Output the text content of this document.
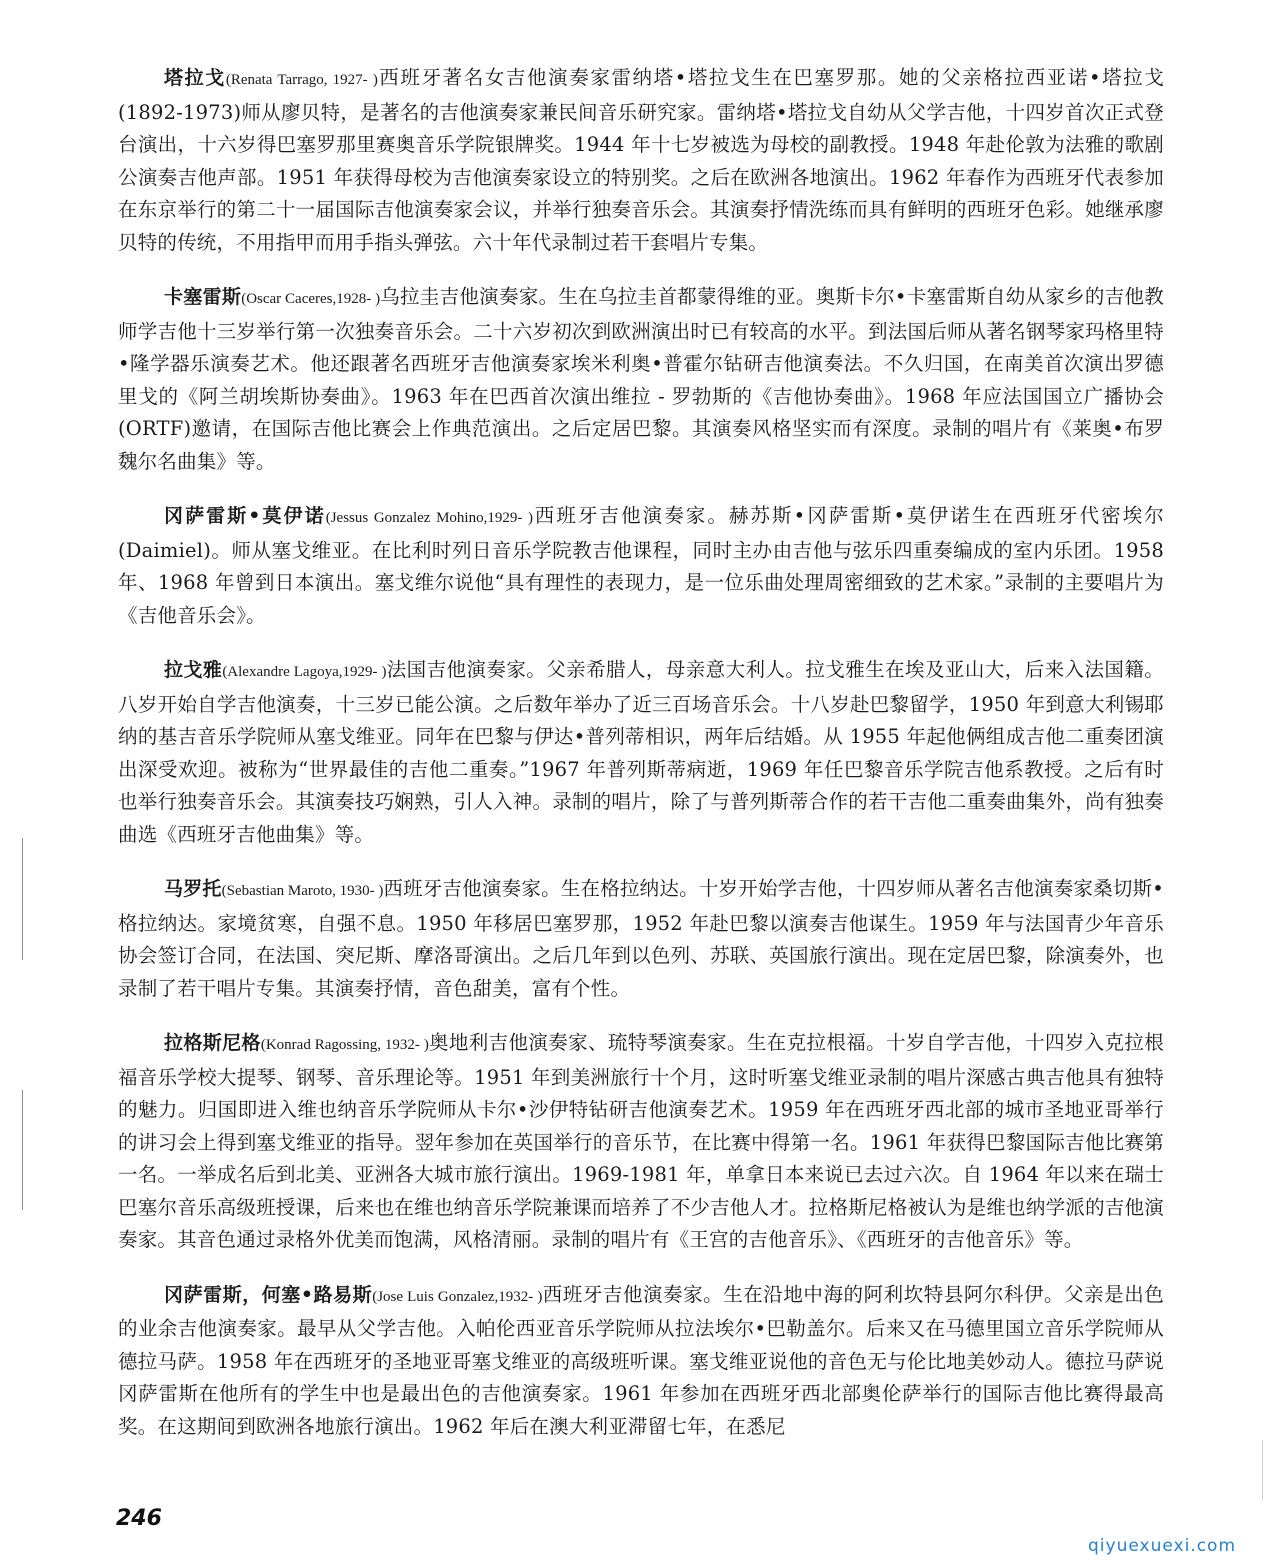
塔拉戈(Renata Tarrago, 1927- )西班牙著名女吉他演奏家雷纳塔•塔拉戈生在巴塞罗那。她的父亲格拉西亚诺•塔拉戈(1892-1973)师从廖贝特，是著名的吉他演奏家兼民间音乐研究家。雷纳塔•塔拉戈自幼从父学吉他，十四岁首次正式登台演出，十六岁得巴塞罗那里赛奥音乐学院银牌奖。1944 年十七岁被选为母校的副教授。1948 年赴伦敦为法雅的歌剧公演奏吉他声部。1951 年获得母校为吉他演奏家设立的特别奖。之后在欧洲各地演出。1962 年春作为西班牙代表参加在东京举行的第二十一届国际吉他演奏家会议，并举行独奏音乐会。其演奏抒情洗练而具有鲜明的西班牙色彩。她继承廖贝特的传统，不用指甲而用手指头弹弦。六十年代录制过若干套唱片专集。

卡塞雷斯(Oscar Caceres,1928- )乌拉圭吉他演奏家。生在乌拉圭首都蒙得维的亚。奥斯卡尔•卡塞雷斯自幼从家乡的吉他教师学吉他十三岁举行第一次独奏音乐会。二十六岁初次到欧洲演出时已有较高的水平。到法国后师从著名钢琴家玛格里特•隆学器乐演奏艺术。他还跟著名西班牙吉他演奏家埃米利奥•普霍尔钻研吉他演奏法。不久归国，在南美首次演出罗德里戈的《阿兰胡埃斯协奏曲》。1963 年在巴西首次演出维拉 - 罗勃斯的《吉他协奏曲》。1968 年应法国国立广播协会(ORTF)邀请，在国际吉他比赛会上作典范演出。之后定居巴黎。其演奏风格坚实而有深度。录制的唱片有《莱奥•布罗魏尔名曲集》等。

冈萨雷斯•莫伊诺(Jessus Gonzalez Mohino,1929- )西班牙吉他演奏家。赫苏斯•冈萨雷斯•莫伊诺生在西班牙代密埃尔(Daimiel)。师从塞戈维亚。在比利时列日音乐学院教吉他课程，同时主办由吉他与弦乐四重奏编成的室内乐团。1958 年、1968 年曾到日本演出。塞戈维尔说他“具有理性的表现力，是一位乐曲处理周密细致的艺术家。”录制的主要唱片为《吉他音乐会》。

拉戈雅(Alexandre Lagoya,1929- )法国吉他演奏家。父亲希腊人，母亲意大利人。拉戈雅生在埃及亚山大，后来入法国籍。八岁开始自学吉他演奏，十三岁已能公演。之后数年举办了近三百场音乐会。十八岁赴巴黎留学，1950 年到意大利锡耶纳的基吉音乐学院师从塞戈维亚。同年在巴黎与伊达•普列蒂相识，两年后结婚。从 1955 年起他俩组成吉他二重奏团演出深受欢迎。被称为“世界最佳的吉他二重奏。”1967 年普列斯蒂病逝，1969 年任巴黎音乐学院吉他系教授。之后有时也举行独奏音乐会。其演奏技巧娴熟，引人入神。录制的唱片，除了与普列斯蒂合作的若干吉他二重奏曲集外，尚有独奏曲选《西班牙吉他曲集》等。

马罗托(Sebastian Maroto, 1930- )西班牙吉他演奏家。生在格拉纳达。十岁开始学吉他，十四岁师从著名吉他演奏家桑切斯•格拉纳达。家境贫寒，自强不息。1950 年移居巴塞罗那，1952 年赴巴黎以演奏吉他谋生。1959 年与法国青少年音乐协会签订合同，在法国、突尼斯、摩洛哥演出。之后几年到以色列、苏联、英国旅行演出。现在定居巴黎，除演奏外，也录制了若干唱片专集。其演奏抒情，音色甜美，富有个性。

拉格斯尼格(Konrad Ragossing, 1932- )奥地利吉他演奏家、琉特琴演奏家。生在克拉根福。十岁自学吉他，十四岁入克拉根福音乐学校大提琴、钢琴、音乐理论等。1951 年到美洲旅行十个月，这时听塞戈维亚录制的唱片深感古典吉他具有独特的魅力。归国即进入维也纳音乐学院师从卡尔•沙伊特钻研吉他演奏艺术。1959 年在西班牙西北部的城市圣地亚哥举行的讲习会上得到塞戈维亚的指导。翌年参加在英国举行的音乐节，在比赛中得第一名。1961 年获得巴黎国际吉他比赛第一名。一举成名后到北美、亚洲各大城市旅行演出。1969-1981 年，单拿日本来说已去过六次。自 1964 年以来在瑞士巴塞尔音乐高级班授课，后来也在维也纳音乐学院兼课而培养了不少吉他人才。拉格斯尼格被认为是维也纳学派的吉他演奏家。其音色通过录格外优美而饱满，风格清丽。录制的唱片有《王宫的吉他音乐》、《西班牙的吉他音乐》等。

冈萨雷斯，何塞•路易斯(Jose Luis Gonzalez,1932- )西班牙吉他演奏家。生在沿地中海的阿利坎特县阿尔科伊。父亲是出色的业余吉他演奏家。最早从父学吉他。入帕伦西亚音乐学院师从拉法埃尔•巴勒盖尔。后来又在马德里国立音乐学院师从德拉马萨。1958 年在西班牙的圣地亚哥塞戈维亚的高级班听课。塞戈维亚说他的音色无与伦比地美妙动人。德拉马萨说冈萨雷斯在他所有的学生中也是最出色的吉他演奏家。1961 年参加在西班牙西北部奥伦萨举行的国际吉他比赛得最高奖。在这期间到欧洲各地旅行演出。1962 年后在澳大利亚滞留七年，在悉尼

246
qiyuexuexi.com
